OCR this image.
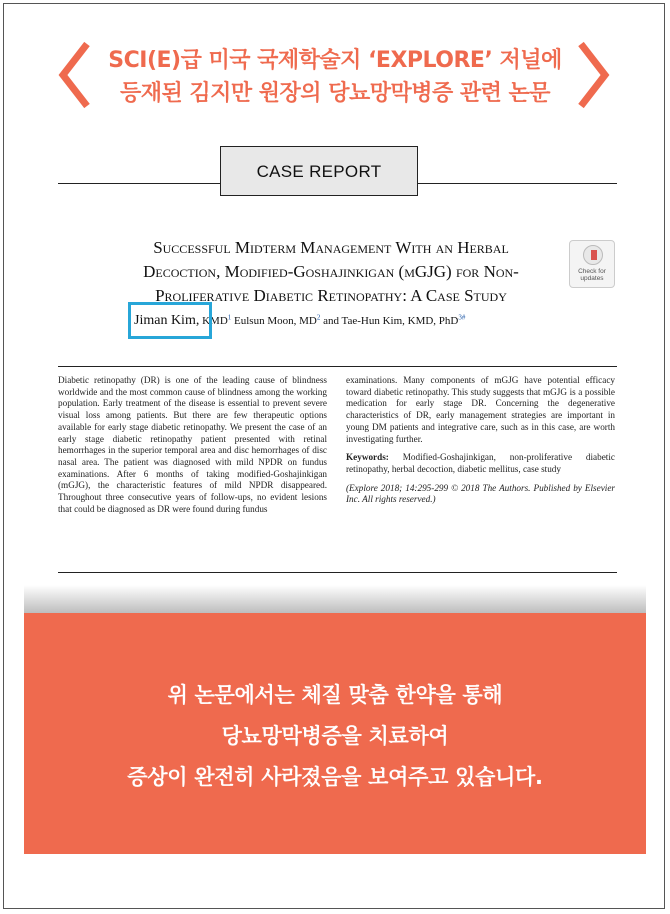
SCI(E)급 미국 국제학술지 ‘EXPLORE’ 저널에
등재된 김지만 원장의 당뇨망막병증 관련 논문
CASE REPORT
Successful Midterm Management With an Herbal
Decoction, Modified-Goshajinkigan (mGJG) for Non-
Proliferative Diabetic Retinopathy: A Case Study
Check for
updates
Jiman Kim, KMD$^1$ Eulsun Moon, $MD^2$ and Tae-Hun Kim, KMD, PhD$^{3\#}$

Diabetic retinopathy (DR) is one of the leading cause of blindness worldwide and the most common cause of blindness among the working population. Early treatment of the disease is essential to prevent severe visual loss among patients. But there are few therapeutic options available for early stage diabetic retinopathy. We present the case of an early stage diabetic retinopathy patient presented with retinal hemorrhages in the superior temporal area and disc hemorrhages of disc nasal area. The patient was diagnosed with mild NPDR on fundus examinations. After 6 months of taking modified-Goshajinkigan (mGJG), the characteristic features of mild NPDR disappeared. Throughout three consecutive years of follow-ups, no evident lesions that could be diagnosed as DR were found during fundus

examinations. Many components of mGJG have potential efficacy toward diabetic retinopathy. This study suggests that mGJG is a possible medication for early stage DR. Concerning the degenerative characteristics of DR, early management strategies are important in young DM patients and integrative care, such as in this case, are worth investigating further.

Keywords: Modified-Goshajinkigan, non-proliferative diabetic retinopathy, herbal decoction, diabetic mellitus, case study

(Explore 2018; 14:295-299 © 2018 The Authors. Published by Elsevier Inc. All rights reserved.)

위 논문에서는 체질 맞춤 한약을 통해
당뇨망막병증을 치료하여
증상이 완전히 사라졌음을 보여주고 있습니다.
